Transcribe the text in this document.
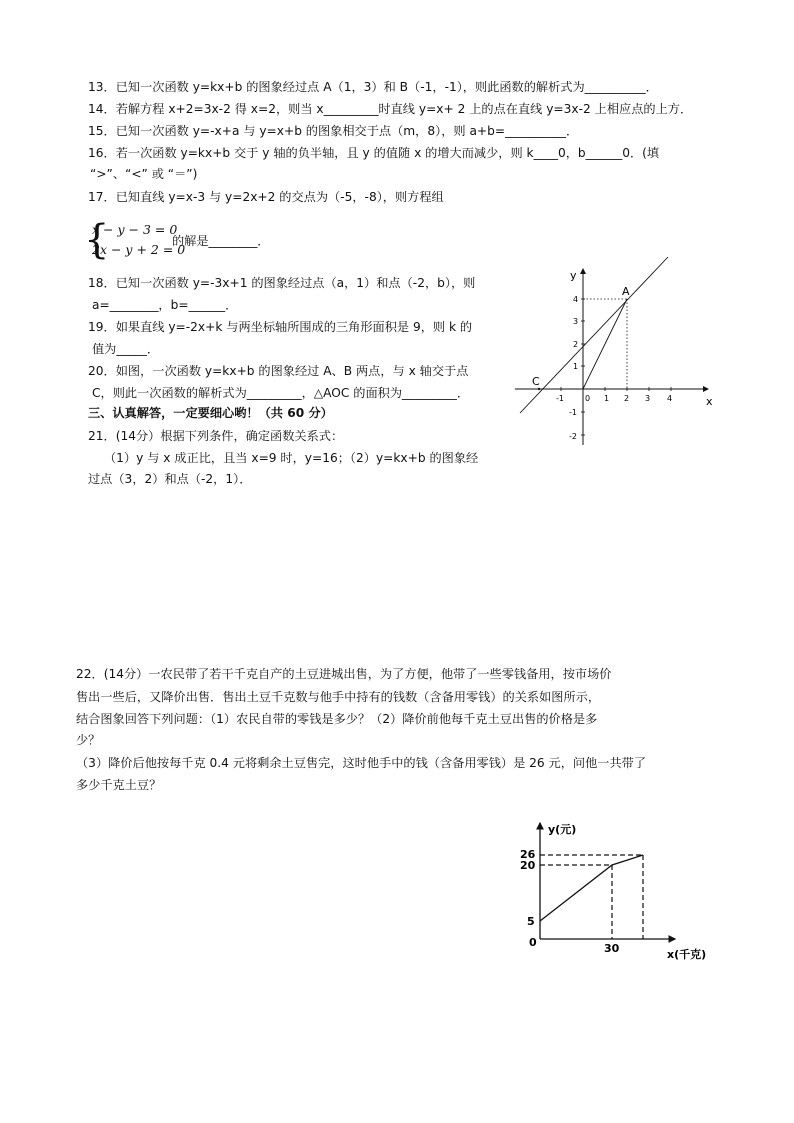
13．已知一次函数 y=kx+b 的图象经过点 A（1，3）和 B（-1，-1），则此函数的解析式为__________．
14．若解方程 x+2=3x-2 得 x=2，则当 x_________时直线 y=x+ 2 上的点在直线 y=3x-2 上相应点的上方．
15．已知一次函数 y=-x+a 与 y=x+b 的图象相交于点（m，8），则 a+b=__________．
16．若一次函数 y=kx+b 交于 y 轴的负半轴，且 y 的值随 x 的增大而减少，则 k____0，b______0．(填
“>”、“<” 或 “＝”)
17．已知直线 y=x-3 与 y=2x+2 的交点为（-5，-8），则方程组
{
x − y − 3 = 0
2x − y + 2 = 0
的解是________．
18．已知一次函数 y=-3x+1 的图象经过点（a，1）和点（-2，b），则
a=________，b=______．
19．如果直线 y=-2x+k 与两坐标轴所围成的三角形面积是 9，则 k 的
值为_____．
20．如图，一次函数 y=kx+b 的图象经过 A、B 两点，与 x 轴交于点
C，则此一次函数的解析式为_________，△AOC 的面积为_________．
三、认真解答，一定要细心哟！（共 60 分）
21．(14分）根据下列条件，确定函数关系式：
（1）y 与 x 成正比，且当 x=9 时，y=16；（2）y=kx+b 的图象经
过点（3，2）和点（-2，1）．
22．(14分）一农民带了若干千克自产的土豆进城出售，为了方便，他带了一些零钱备用，按市场价
售出一些后，又降价出售．售出土豆千克数与他手中持有的钱数（含备用零钱）的关系如图所示，
结合图象回答下列问题：（1）农民自带的零钱是多少？（2）降价前他每千克土豆出售的价格是多
少？
（3）降价后他按每千克 0.4 元将剩余土豆售完，这时他手中的钱（含备用零钱）是 26 元，问他一共带了
多少千克土豆？
y
x
A
C
-1	0 1 2 3 4
4
3
2
1
-1
-2
y(元)
x(千克)
0
26
20
5
30
